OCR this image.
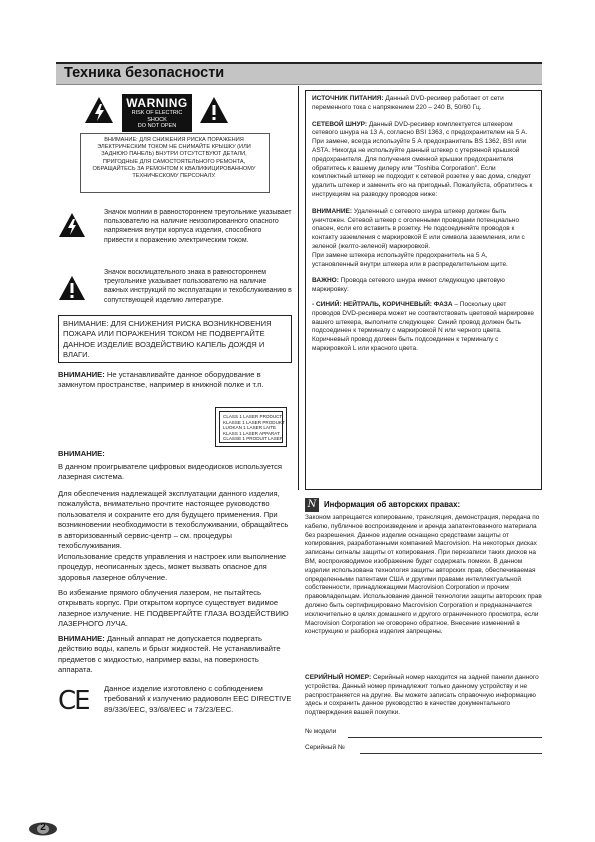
Техника безопасности
WARNING
RISK OF ELECTRIC SHOCK
DO NOT OPEN
ВНИМАНИЕ: ДЛЯ СНИЖЕНИЯ РИСКА ПОРАЖЕНИЯ ЭЛЕКТРИЧЕСКИМ ТОКОМ НЕ СНИМАЙТЕ КРЫШКУ (ИЛИ ЗАДНЮЮ ПАНЕЛЬ) ВНУТРИ ОТСУТСТВУЮТ ДЕТАЛИ, ПРИГОДНЫЕ ДЛЯ САМОСТОЯТЕЛЬНОГО РЕМОНТА, ОБРАЩАЙТЕСЬ ЗА РЕМОНТОМ К КВАЛИФИЦИРОВАННОМУ ТЕХНИЧЕСКОМУ ПЕРСОНАЛУ.
Значок молнии в равностороннем треугольнике указывает пользователю на наличие неизолированного опасного напряжения внутри корпуса изделия, способного привести к поражению электрическим током.
Значок восклицательного знака в равностороннем треугольнике указывает пользователю на наличие важных инструкций по эксплуатации и техобслуживанию в сопутствующей изделию литературе.
ВНИМАНИЕ: ДЛЯ СНИЖЕНИЯ РИСКА ВОЗНИКНОВЕНИЯ ПОЖАРА ИЛИ ПОРАЖЕНИЯ ТОКОМ НЕ ПОДВЕРГАЙТЕ ДАННОЕ ИЗДЕЛИЕ ВОЗДЕЙСТВИЮ КАПЕЛЬ ДОЖДЯ И ВЛАГИ.
ВНИМАНИЕ: Не устанавливайте данное оборудование в замкнутом пространстве, например в книжной полке и т.п.
CLASS 1 LASER PRODUCT
KLASSE 1 LASER PRODUKT
LUOKAN 1 LASER LAITE
KLASS 1 LASER APPARAT
CLASSE 1 PRODUIT LASER
ВНИМАНИЕ:
В данном проигрывателе цифровых видеодисков используется лазерная система.
Для обеспечения надлежащей эксплуатации данного изделия, пожалуйста, внимательно прочтите настоящее руководство пользователя и сохраните его для будущего применения. При возникновении необходимости в техобслуживании, обращайтесь в авторизованный сервис-центр – см. процедуры техобслуживания.
Использование средств управления и настроек или выполнение процедур, неописанных здесь, может вызвать опасное для здоровья лазерное облучение.
Во избежание прямого облучения лазером, не пытайтесь открывать корпус. При открытом корпусе существует видимое лазерное излучение. НЕ ПОДВЕРГАЙТЕ ГЛАЗА ВОЗДЕЙСТВИЮ ЛАЗЕРНОГО ЛУЧА.
ВНИМАНИЕ: Данный аппарат не допускается подвергать действию воды, капель и брызг жидкостей. Не устанавливайте предметов с жидкостью, например вазы, на поверхность аппарата.
CE	Данное изделие изготовлено с соблюдением требований к излучению радиоволн EEC DIRECTIVE 89/336/EEC, 93/68/EEC и 73/23/EEC.
2
ИСТОЧНИК ПИТАНИЯ: Данный DVD-ресивер работает от сети переменного тока с напряжением 220 – 240 В, 50/60 Гц.
СЕТЕВОЙ ШНУР: Данный DVD-ресивер комплектуется штекером сетевого шнура на 13 А, согласно BSI 1363, с предохранителем на 5 А. При замене, всегда используйте 5 А предохранитель BS 1362, BSI или ASTA. Никогда не используйте данный штекер с утерянной крышкой предохранителя. Для получения сменной крышки предохранителя обратитесь к вашему дилеру или "Toshiba Corporation". Если комплектный штекер не подходит к сетевой розетке у вас дома, следует удалить штекер и заменить его на пригодный. Пожалуйста, обратитесь к инструкциям на разводку проводов ниже:
ВНИМАНИЕ: Удаленный с сетевого шнура штекер должен быть уничтожен. Сетевой штекер с оголенными проводами потенциально опасен, если его вставить в розетку. Не подсоединяйте проводов к контакту заземления с маркировкой Е или символа заземления, или с зеленой (желто-зеленой) маркировкой.
При замене штекера используйте предохранитель на 5 А, установленный внутри штекера или в распределительном щите.
ВАЖНО: Провода сетевого шнура имеют следующую цветовую маркировку:
- СИНИЙ: НЕЙТРАЛЬ, КОРИЧНЕВЫЙ: ФАЗА – Поскольку цвет проводов DVD-ресивера может не соответствовать цветовой маркировке вашего штекера, выполните следующее: Синий провод должен быть подсоединен к терминалу с маркировкой N или черного цвета. Коричневый провод должен быть подсоединен к терминалу с маркировкой L или красного цвета.
N Информация об авторских правах:
Законом запрещается копирование, трансляция, демонстрация, передача по кабелю, публичное воспроизведение и аренда запатентованного материала без разрешения. Данное изделие оснащено средствами защиты от копирования, разработанными компанией Macrovision. На некоторых дисках записаны сигналы защиты от копирования. При перезаписи таких дисков на ВМ, воспроизводимое изображение будет содержать помехи. В данном изделии использована технология защиты авторских прав, обеспечиваемая определенными патентами США и другими правами интеллектуальной собственности, принадлежащими Macrovision Corporation и прочим правовладельцам. Использование данной технологии защиты авторских прав должно быть сертифицировано Macrovision Corporation и предназначается исключительно в целях домашнего и другого ограниченного просмотра, если Macrovision Corporation не оговорено обратное. Внесение изменений в конструкцию и разборка изделия запрещены.
СЕРИЙНЫЙ НОМЕР: Серийный номер находится на задней панели данного устройства. Данный номер принадлежит только данному устройству и не распространяется на другие. Вы можете записать справочную информацию здесь и сохранить данное руководство в качестве документального подтверждения вашей покупки.
№ модели
Серийный №
